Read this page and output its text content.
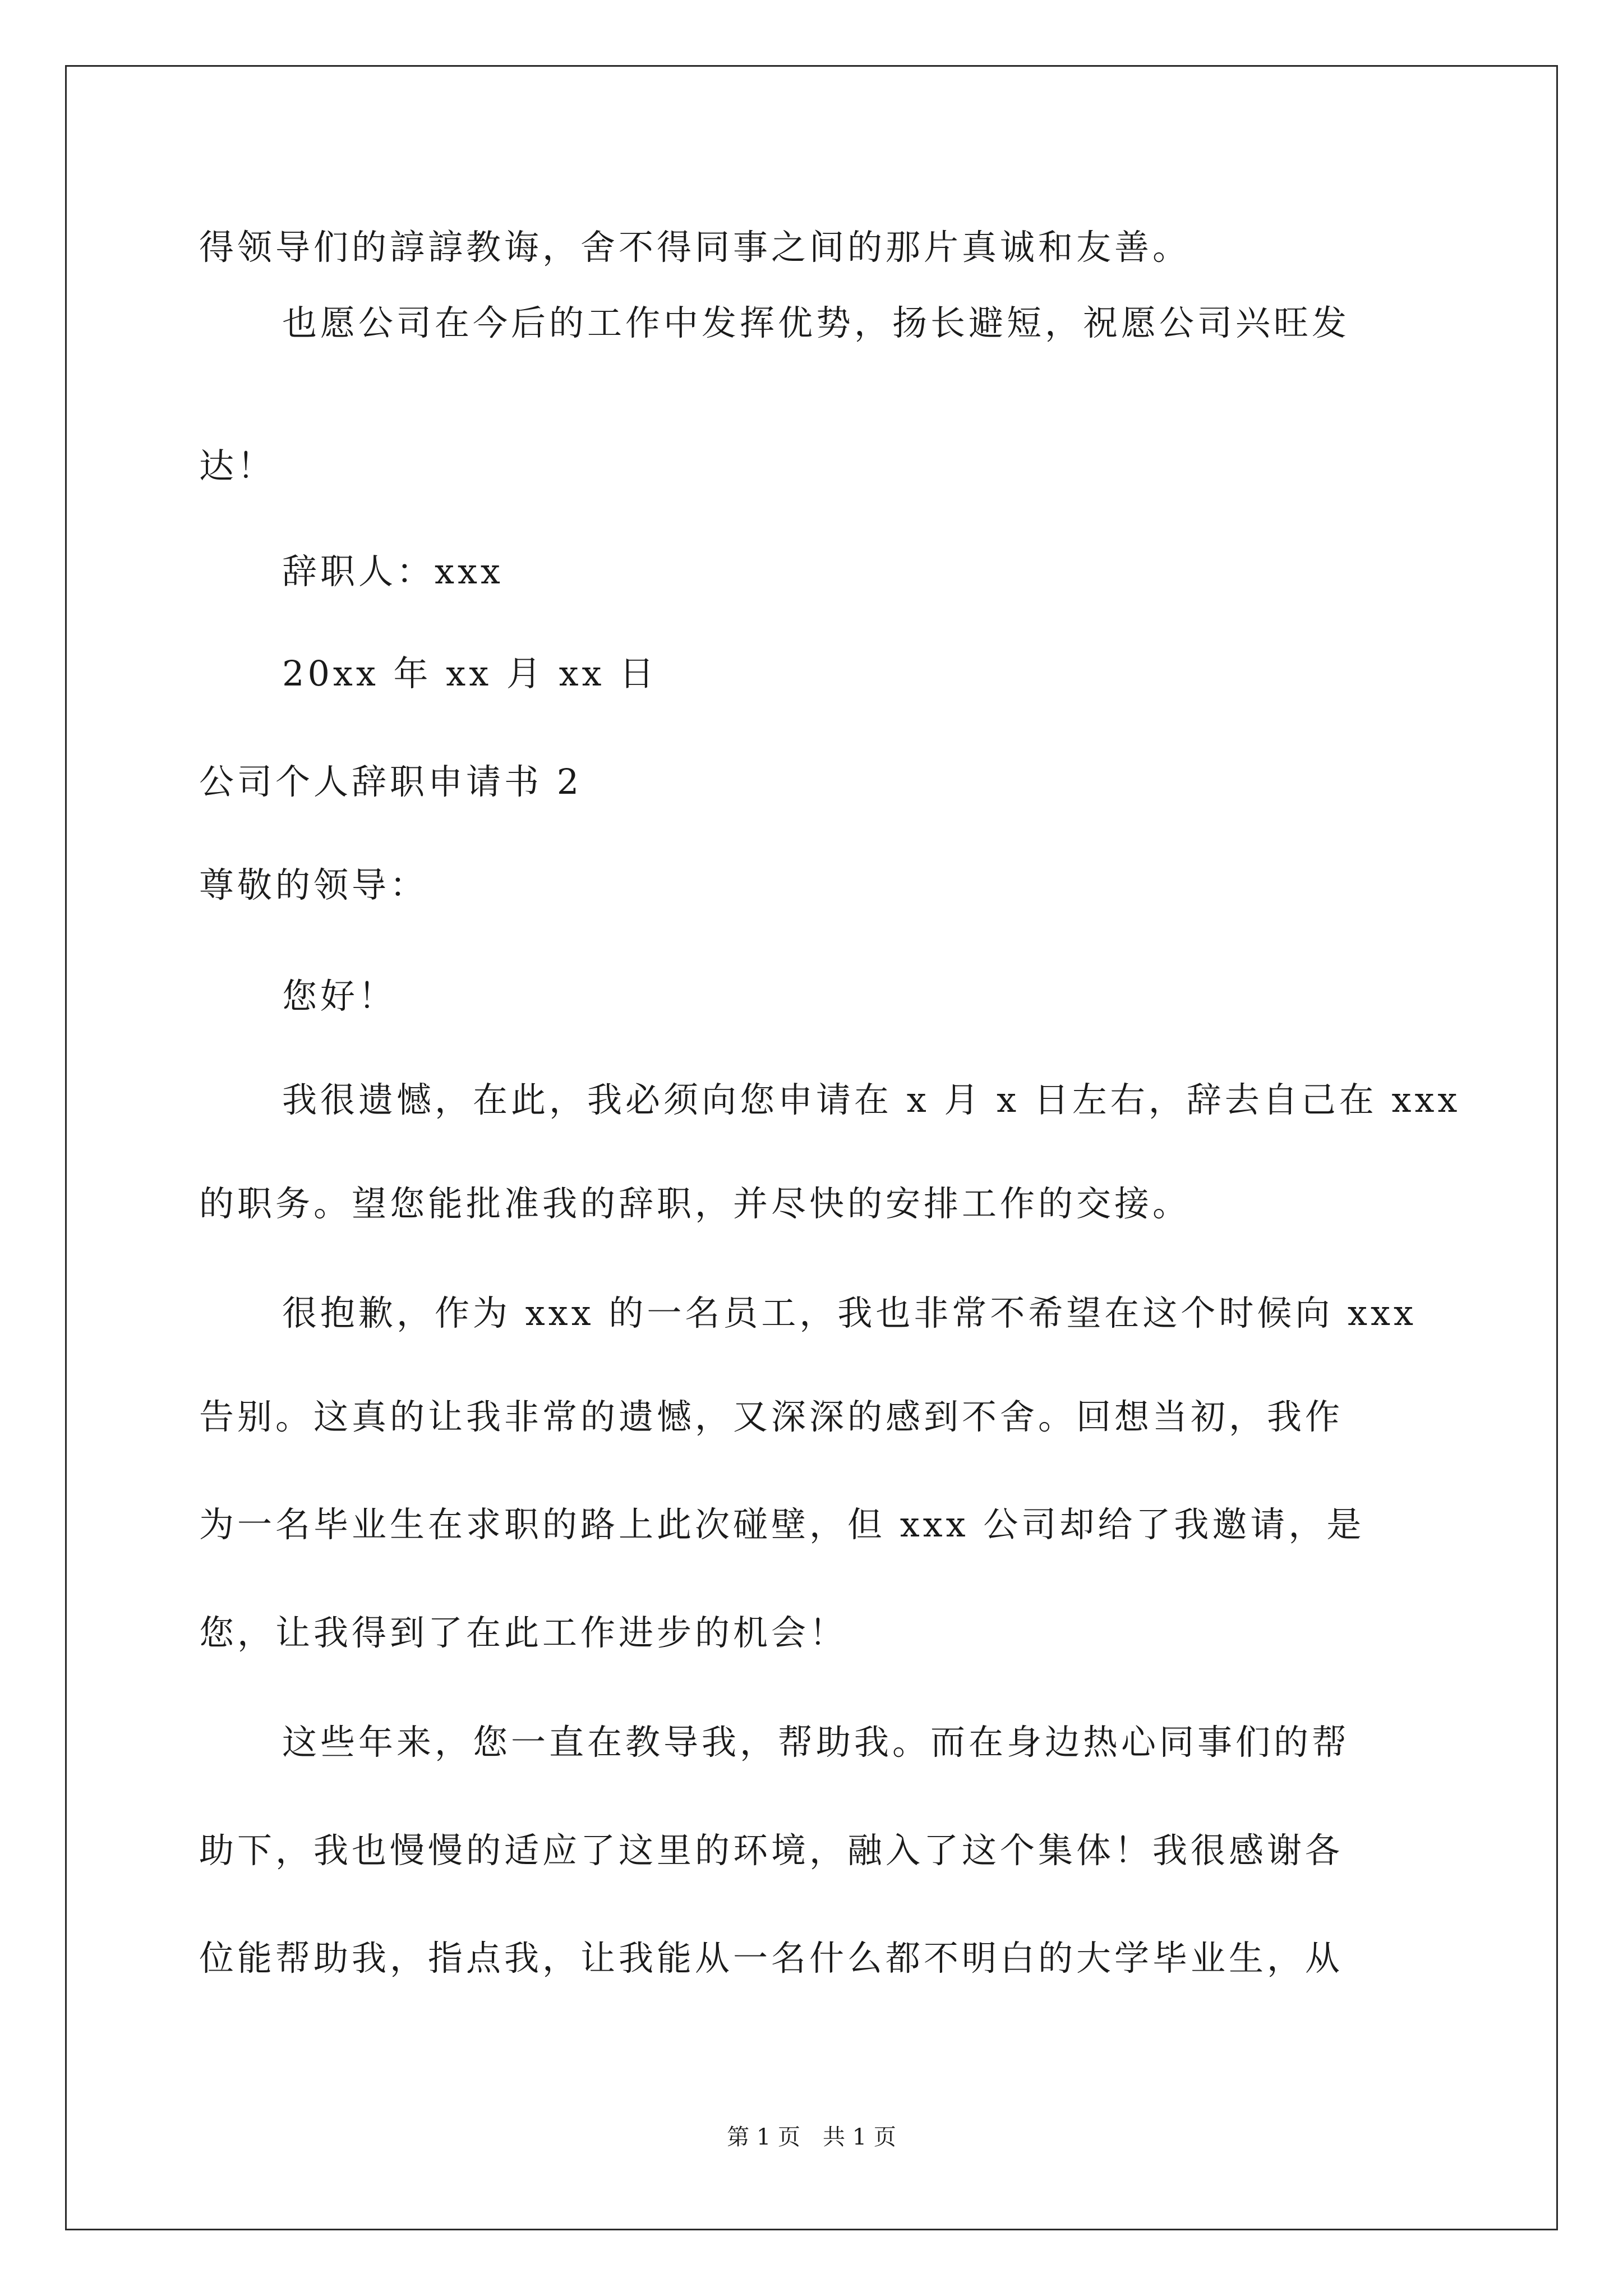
得领导们的諄諄教诲，舍不得同事之间的那片真诚和友善。
也愿公司在今后的工作中发挥优势，扬长避短，祝愿公司兴旺发
达！
辞职人：xxx
20xx 年 xx 月 xx 日
公司个人辞职申请书 2
尊敬的领导：
您好！
我很遗憾，在此，我必须向您申请在 x 月 x 日左右，辞去自己在 xxx
的职务。望您能批准我的辞职，并尽快的安排工作的交接。
很抱歉，作为 xxx 的一名员工，我也非常不希望在这个时候向 xxx
告别。这真的让我非常的遗憾，又深深的感到不舍。回想当初，我作
为一名毕业生在求职的路上此次碰壁，但 xxx 公司却给了我邀请，是
您，让我得到了在此工作进步的机会！
这些年来，您一直在教导我，帮助我。而在身边热心同事们的帮
助下，我也慢慢的适应了这里的环境，融入了这个集体！我很感谢各
位能帮助我，指点我，让我能从一名什么都不明白的大学毕业生，从
第 1 页　共 1 页
